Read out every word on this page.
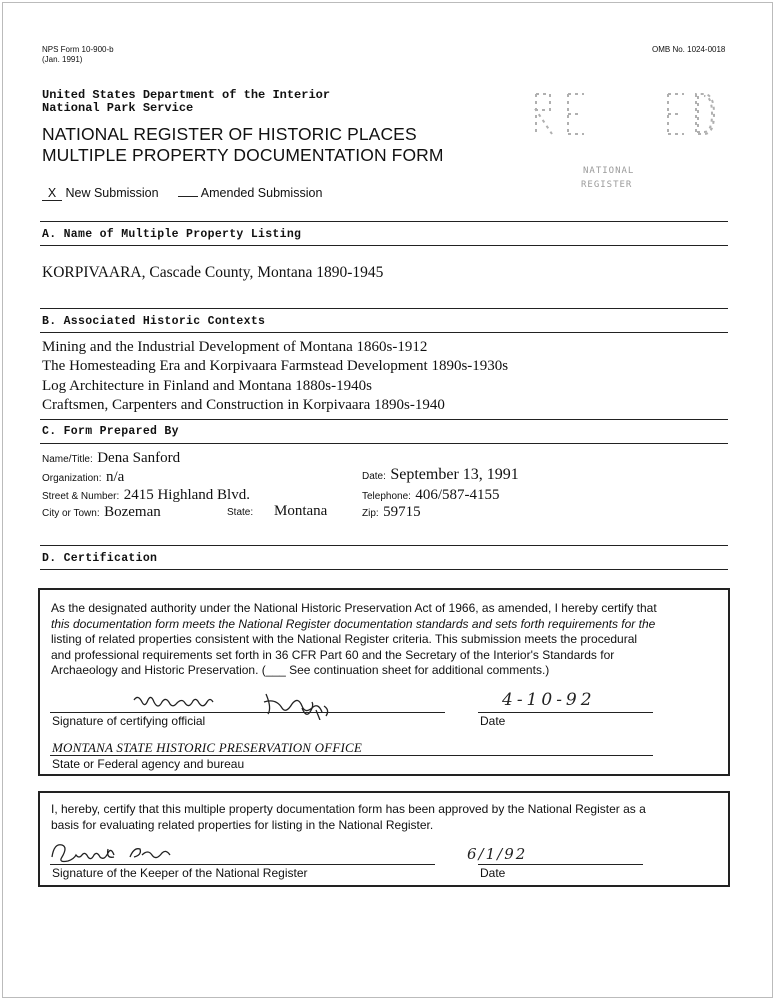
NPS Form 10-900-b
(Jan. 1991)
OMB No. 1024-0018
United States Department of the Interior
National Park Service
NATIONAL REGISTER OF HISTORIC PLACES
MULTIPLE PROPERTY DOCUMENTATION FORM
NATIONAL
REGISTER
X New Submission	Amended Submission
A. Name of Multiple Property Listing
KORPIVAARA, Cascade County, Montana 1890-1945
B. Associated Historic Contexts
Mining and the Industrial Development of Montana 1860s-1912
The Homesteading Era and Korpivaara Farmstead Development 1890s-1930s
Log Architecture in Finland and Montana 1880s-1940s
Craftsmen, Carpenters and Construction in Korpivaara 1890s-1940
C. Form Prepared By
Name/Title: Dena Sanford
Organization: n/a	Date: September 13, 1991
Street & Number: 2415 Highland Blvd.	Telephone: 406/587-4155
City or Town: Bozeman	State: Montana	Zip: 59715
D. Certification
As the designated authority under the National Historic Preservation Act of 1966, as amended, I hereby certify that
this documentation form meets the National Register documentation standards and sets forth requirements for the
listing of related properties consistent with the National Register criteria. This submission meets the procedural
and professional requirements set forth in 36 CFR Part 60 and the Secretary of the Interior's Standards for
Archaeology and Historic Preservation. (___ See continuation sheet for additional comments.)
Signature of certifying official
4-10-92
Date
MONTANA STATE HISTORIC PRESERVATION OFFICE
State or Federal agency and bureau
I, hereby, certify that this multiple property documentation form has been approved by the National Register as a
basis for evaluating related properties for listing in the National Register.
Signature of the Keeper of the National Register
6/1/92
Date
